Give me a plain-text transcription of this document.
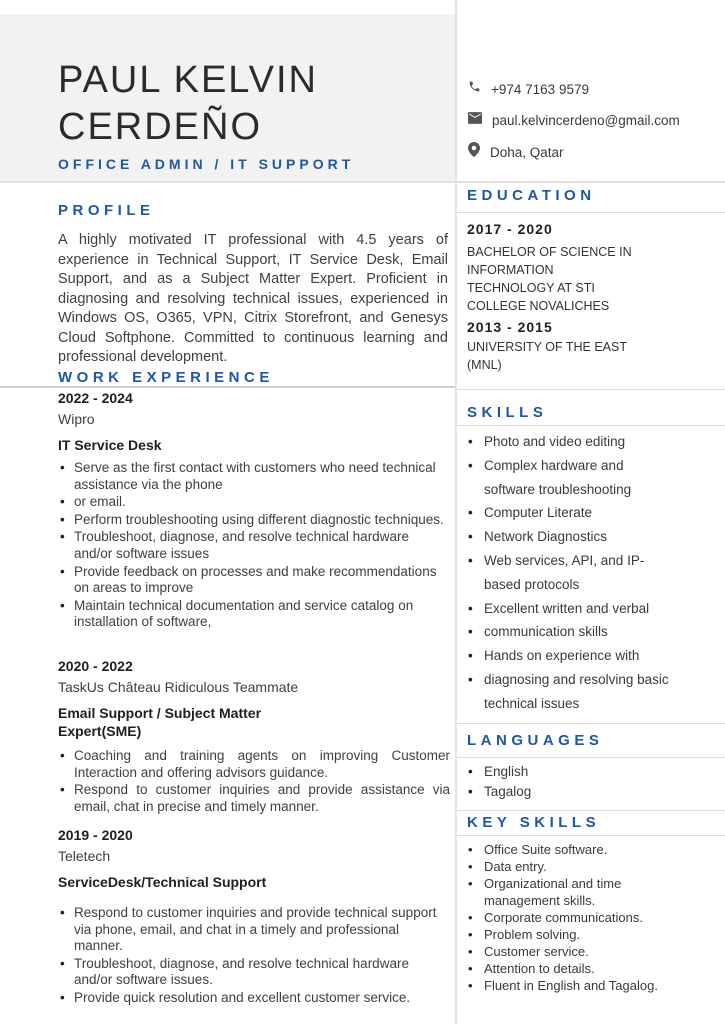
PAUL KELVIN CERDEÑO
OFFICE ADMIN / IT SUPPORT
+974 7163 9579
paul.kelvincerdeno@gmail.com
Doha, Qatar
PROFILE
A highly motivated IT professional with 4.5 years of experience in Technical Support, IT Service Desk, Email Support, and as a Subject Matter Expert. Proficient in diagnosing and resolving technical issues, experienced in Windows OS, O365, VPN, Citrix Storefront, and Genesys Cloud Softphone. Committed to continuous learning and professional development.
WORK EXPERIENCE
2022 - 2024
Wipro
IT Service Desk
• Serve as the first contact with customers who need technical assistance via the phone
• or email.
• Perform troubleshooting using different diagnostic techniques.
• Troubleshoot, diagnose, and resolve technical hardware and/or software issues
• Provide feedback on processes and make recommendations on areas to improve
• Maintain technical documentation and service catalog on installation of software,
2020 - 2022
TaskUs Château Ridiculous Teammate
Email Support / Subject Matter Expert(SME)
• Coaching and training agents on improving Customer Interaction and offering advisors guidance.
• Respond to customer inquiries and provide assistance via email, chat in precise and timely manner.
2019 - 2020
Teletech
ServiceDesk/Technical Support
• Respond to customer inquiries and provide technical support via phone, email, and chat in a timely and professional manner.
• Troubleshoot, diagnose, and resolve technical hardware and/or software issues.
• Provide quick resolution and excellent customer service.
EDUCATION
2017 - 2020
BACHELOR OF SCIENCE IN
INFORMATION
TECHNOLOGY AT STI
COLLEGE NOVALICHES
2013 - 2015
UNIVERSITY OF THE EAST
(MNL)
SKILLS
• Photo and video editing
• Complex hardware and software troubleshooting
• Computer Literate
• Network Diagnostics
• Web services, API, and IP-based protocols
• Excellent written and verbal
• communication skills
• Hands on experience with
• diagnosing and resolving basic technical issues
LANGUAGES
• English
• Tagalog
KEY SKILLS
• Office Suite software.
• Data entry.
• Organizational and time management skills.
• Corporate communications.
• Problem solving.
• Customer service.
• Attention to details.
• Fluent in English and Tagalog.
